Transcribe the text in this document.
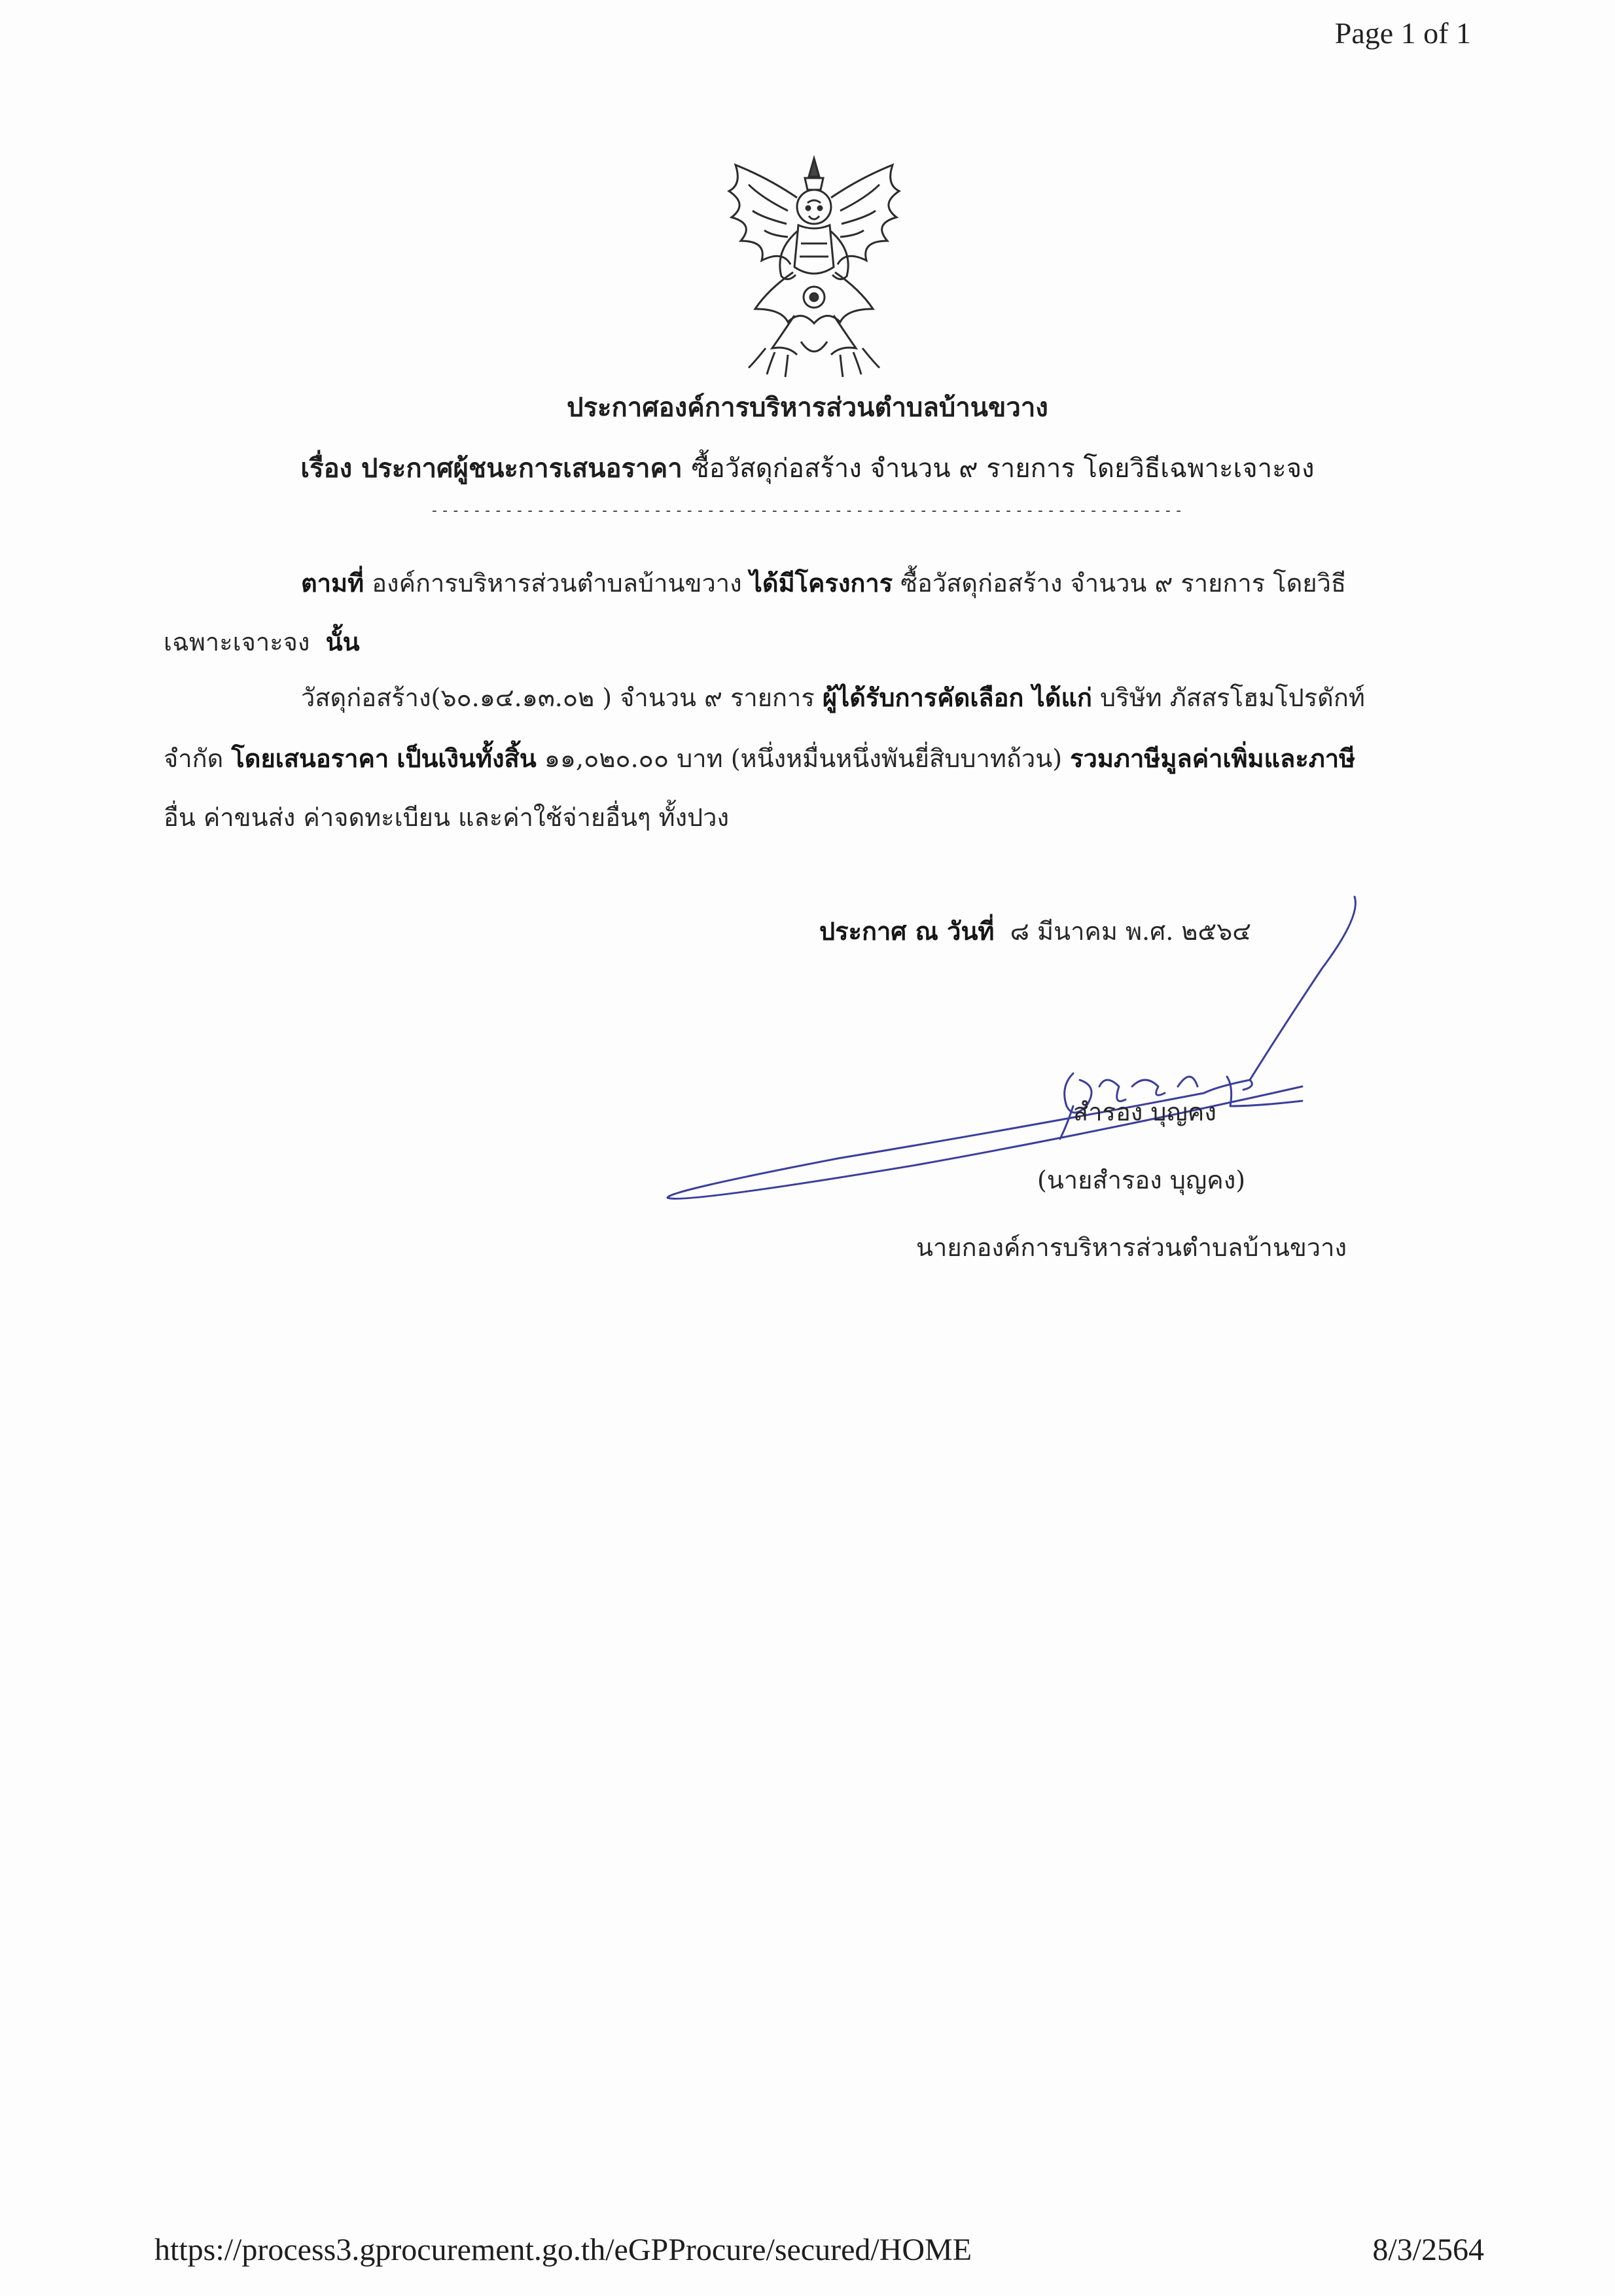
Page 1 of 1
ประกาศองค์การบริหารส่วนตำบลบ้านขวาง
เรื่อง ประกาศผู้ชนะการเสนอราคา ซื้อวัสดุก่อสร้าง จำนวน ๙ รายการ โดยวิธีเฉพาะเจาะจง
-----------------------------------------------------------------------
ตามที่ องค์การบริหารส่วนตำบลบ้านขวาง ได้มีโครงการ ซื้อวัสดุก่อสร้าง จำนวน ๙ รายการ โดยวิธี
เฉพาะเจาะจง นั้น
วัสดุก่อสร้าง(๖๐.๑๔.๑๓.๐๒ ) จำนวน ๙ รายการ ผู้ได้รับการคัดเลือก ได้แก่ บริษัท ภัสสรโฮมโปรดักท์
จำกัด โดยเสนอราคา เป็นเงินทั้งสิ้น ๑๑,๐๒๐.๐๐ บาท (หนึ่งหมื่นหนึ่งพันยี่สิบบาทถ้วน) รวมภาษีมูลค่าเพิ่มและภาษี
อื่น ค่าขนส่ง ค่าจดทะเบียน และค่าใช้จ่ายอื่นๆ ทั้งปวง
ประกาศ ณ วันที่ ๘ มีนาคม พ.ศ. ๒๕๖๔
สำรอง บุญคง
(นายสำรอง บุญคง)
นายกองค์การบริหารส่วนตำบลบ้านขวาง
https://process3.gprocurement.go.th/eGPProcure/secured/HOME	8/3/2564
